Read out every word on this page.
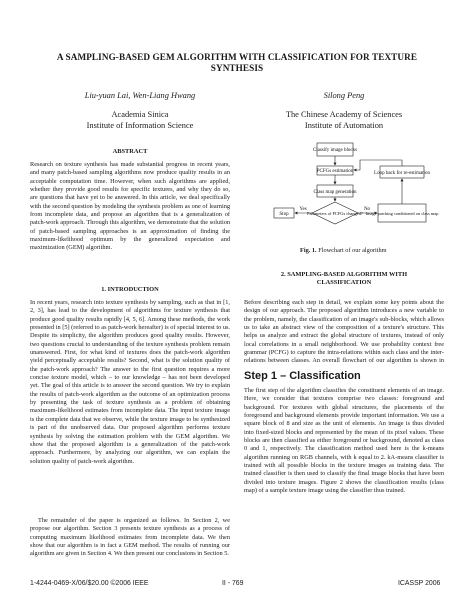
A SAMPLING-BASED GEM ALGORITHM WITH CLASSIFICATION FOR TEXTURE
SYNTHESIS
Liu-yuan Lai, Wen-Liang Hwang
Academia Sinica
Institute of Information Science
Silong Peng
The Chinese Academy of Sciences
Institute of Automation
ABSTRACT

Research on texture synthesis has made substantial progress in recent years, and many patch-based sampling algorithms now produce quality results in an acceptable computation time. However, when such algorithms are applied, whether they provide good results for specific textures, and why they do so, are questions that have yet to be answered. In this article, we deal specifically with the second question by modeling the synthesis problem as one of learning from incomplete data, and propose an algorithm that is a generalization of patch-work approach. Through this algorithm, we demonstrate that the solution of patch-based sampling approaches is an approximation of finding the maximum-likelihood optimum by the generalized expectation and maximization (GEM) algorithm.

Classify image blocks
PCFGs estimation
Class map generation
Loop back for re-estimation
Parameters of PCFGs changed? Image patching conditioned on class map
Stop
Yes	No
Fig. 1. Flowchart of our algorithm
1. INTRODUCTION

In recent years, research into texture synthesis by sampling, such as that in [1, 2, 3], has lead to the development of algorithms for texture synthesis that produce good quality results rapidly [4, 5, 6]. Among these methods, the work presented in [5] (referred to as patch-work hereafter) is of special interest to us. Despite its simplicity, the algorithm produces good quality results. However, two questions crucial to understanding of the texture synthesis problem remain unanswered. First, for what kind of textures does the patch-work algorithm yield perceptually acceptable results? Second, what is the solution quality of the patch-work approach? The answer to the first question requires a more concise texture model, which – to our knowledge – has not been developed yet. The goal of this article is to answer the second question. We try to explain the results of patch-work algorithm as the outcome of an optimization process by presenting the task of texture synthesis as a problem of obtaining maximum-likelihood estimates from incomplete data. The input texture image is the complete data that we observe, while the texture image to be synthesized is part of the unobserved data. Our proposed algorithm performs texture synthesis by solving the estimation problem with the GEM algorithm. We show that the proposed algorithm is a generalization of the patch-work approach. Furthermore, by analyzing our algorithm, we can explain the solution quality of patch-work algorithm.

The remainder of the paper is organized as follows. In Section 2, we propose our algorithm. Section 3 presents texture synthesis as a process of computing maximum likelihood estimates from incomplete data. We then show that our algorithm is in fact a GEM method. The results of running our algorithm are given in Section 4. We then present our conclusions in Section 5.

2. SAMPLING-BASED ALGORITHM WITH
CLASSIFICATION

Before describing each step in detail, we explain some key points about the design of our approach. The proposed algorithm introduces a new variable to the problem, namely, the classification of an image's sub-blocks, which allows us to take an abstract view of the composition of a texture's structure. This helps us analyze and extract the global structure of textures, instead of only local correlations in a small neighborhood. We use probability context free grammar (PCFG) to capture the intra-relations within each class and the inter-relations between classes. An overall flowchart of our algorithm is shown in

Step 1 – Classification

The first step of the algorithm classifies the constituent elements of an image. Here, we consider that textures comprise two classes: foreground and background. For textures with global structures, the placements of the foreground and background elements provide important information. We use a square block of 8 and size as the unit of elements. An image is thus divided into fixed-sized blocks and represented by the mean of its pixel values. These blocks are then classified as either foreground or background, denoted as class 0 and 1, respectively. The classification method used here is the k-means algorithm running on RGB channels, with k equal to 2. kA-means classifier is trained with all possible blocks in the texture images as training data. The trained classifier is then used to classify the final image blocks that have been divided into texture images. Figure 2 shows the classification results (class map) of a sample texture image using the classifier thus trained.

1-4244-0469-X/06/$20.00 ©2006 IEEE	II - 769	ICASSP 2006
